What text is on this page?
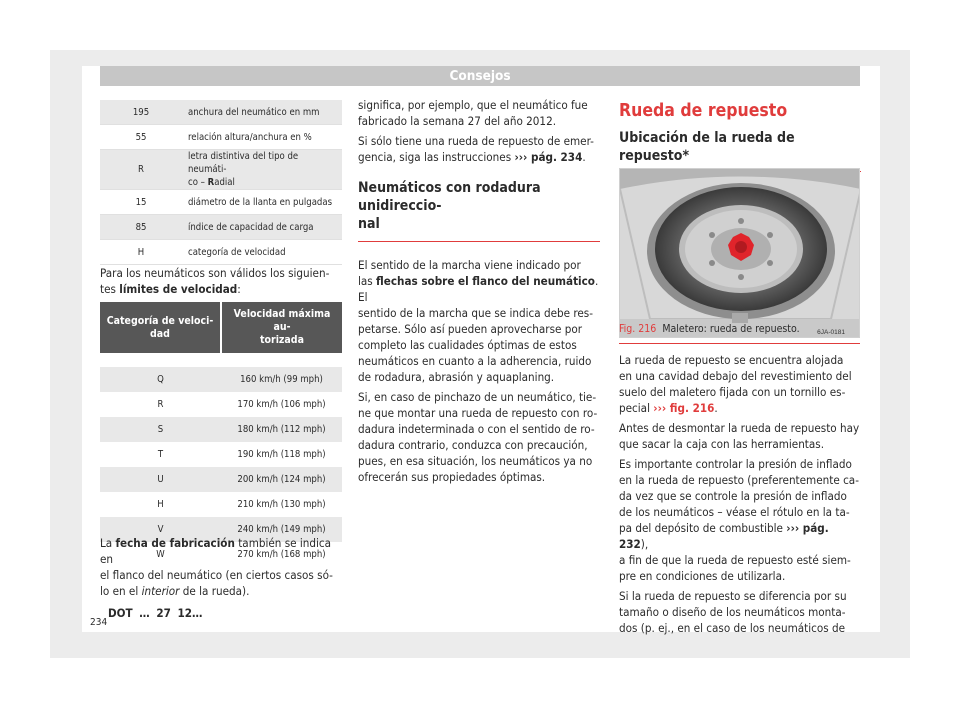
Consejos
195	anchura del neumático en mm
55	relación altura/anchura en %
R	letra distintiva del tipo de neumáti-
co – Radial
15	diámetro de la llanta en pulgadas
85	índice de capacidad de carga
H	categoría de velocidad

Para los neumáticos son válidos los siguien-

tes límites de velocidad:

Categoría de veloci-
dad	Velocidad máxima au-
torizada

Q	160 km/h (99 mph)
R	170 km/h (106 mph)
S	180 km/h (112 mph)
T	190 km/h (118 mph)
U	200 km/h (124 mph)
H	210 km/h (130 mph)
V	240 km/h (149 mph)
W	270 km/h (168 mph)

La fecha de fabricación también se indica en

el flanco del neumático (en ciertos casos só-

lo en el interior de la rueda).

DOT … 27 12…

significa, por ejemplo, que el neumático fue

fabricado la semana 27 del año 2012.

Si sólo tiene una rueda de repuesto de emer-

gencia, siga las instrucciones ››› pág. 234.

Neumáticos con rodadura unidireccio-
nal

El sentido de la marcha viene indicado por

las flechas sobre el flanco del neumático. El

sentido de la marcha que se indica debe res-

petarse. Sólo así pueden aprovecharse por

completo las cualidades óptimas de estos

neumáticos en cuanto a la adherencia, ruido

de rodadura, abrasión y aquaplaning.

Si, en caso de pinchazo de un neumático, tie-

ne que montar una rueda de repuesto con ro-

dadura indeterminada o con el sentido de ro-

dadura contrario, conduzca con precaución,

pues, en esa situación, los neumáticos ya no

ofrecerán sus propiedades óptimas.

Rueda de repuesto
Ubicación de la rueda de repuesto*
6JA-0181

Fig. 216 Maletero: rueda de repuesto.

La rueda de repuesto se encuentra alojada

en una cavidad debajo del revestimiento del

suelo del maletero fijada con un tornillo es-

pecial ››› fig. 216.

Antes de desmontar la rueda de repuesto hay

que sacar la caja con las herramientas.

Es importante controlar la presión de inflado

en la rueda de repuesto (preferentemente ca-

da vez que se controle la presión de inflado

de los neumáticos – véase el rótulo en la ta-

pa del depósito de combustible ››› pág. 232),

a fin de que la rueda de repuesto esté siem-

pre en condiciones de utilizarla.

Si la rueda de repuesto se diferencia por su

tamaño o diseño de los neumáticos monta-

dos (p. ej., en el caso de los neumáticos de

234
